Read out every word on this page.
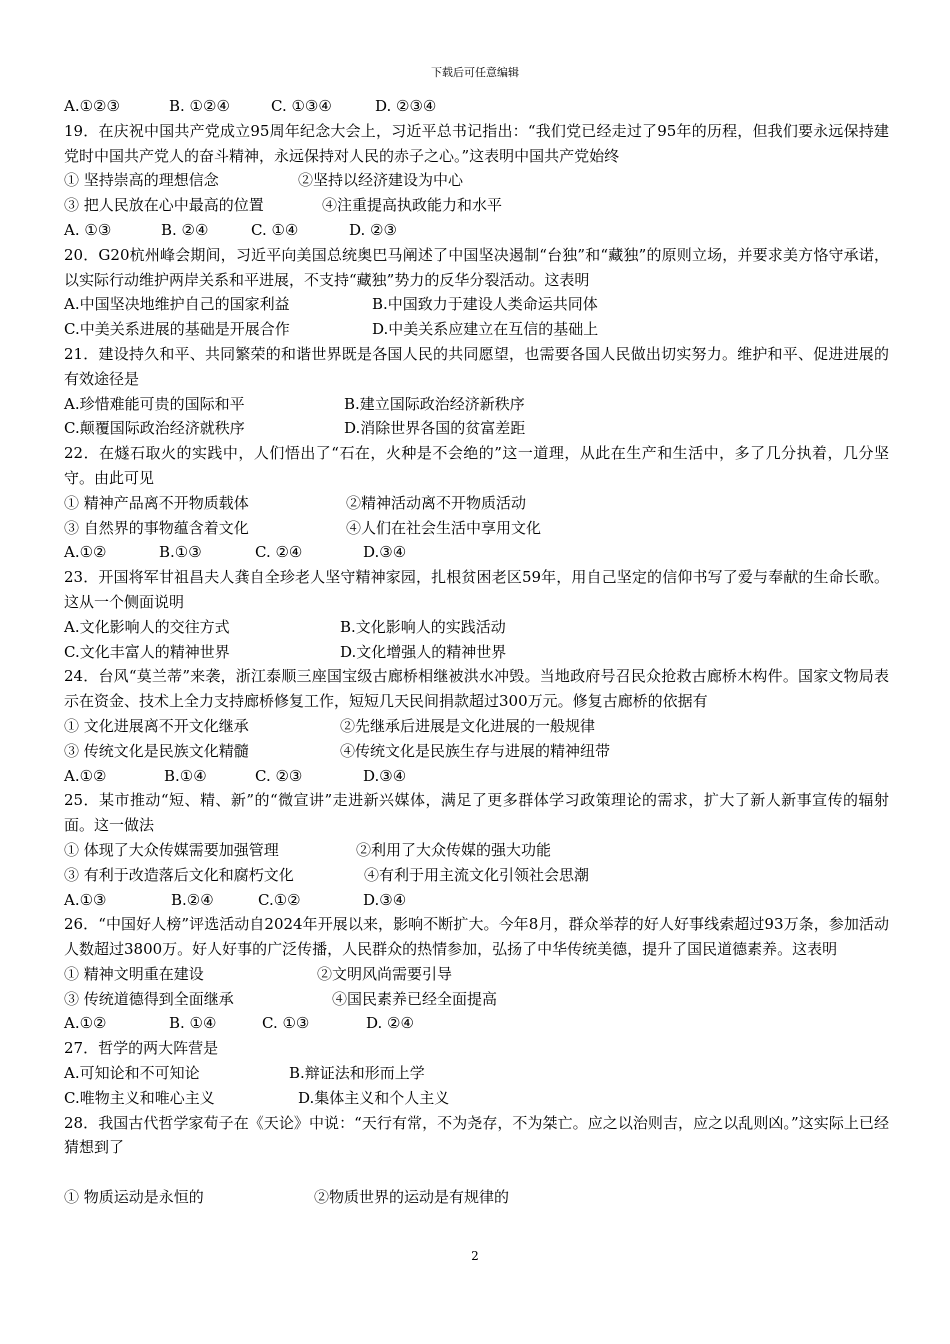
下载后可任意编辑
A.①②③	B. ①②④	C. ①③④	D. ②③④
19．在庆祝中国共产党成立95周年纪念大会上，习近平总书记指出：“我们党已经走过了95年的历程，但我们要永远保持建党时中国共产党人的奋斗精神，永远保持对人民的赤子之心。”这表明中国共产党始终
① 坚持崇高的理想信念	②坚持以经济建设为中心
③ 把人民放在心中最高的位置	④注重提高执政能力和水平
A. ①③	B. ②④	C. ①④	D. ②③
20．G20杭州峰会期间，习近平向美国总统奥巴马阐述了中国坚决遏制“台独”和“藏独”的原则立场，并要求美方恪守承诺，以实际行动维护两岸关系和平进展，不支持“藏独”势力的反华分裂活动。这表明
A.中国坚决地维护自己的国家利益	B.中国致力于建设人类命运共同体
C.中美关系进展的基础是开展合作	D.中美关系应建立在互信的基础上
21．建设持久和平、共同繁荣的和谐世界既是各国人民的共同愿望，也需要各国人民做出切实努力。维护和平、促进进展的有效途径是
A.珍惜难能可贵的国际和平	B.建立国际政治经济新秩序
C.颠覆国际政治经济就秩序	D.消除世界各国的贫富差距
22．在燧石取火的实践中，人们悟出了“石在，火种是不会绝的”这一道理，从此在生产和生活中，多了几分执着，几分坚守。由此可见
① 精神产品离不开物质载体	②精神活动离不开物质活动
③ 自然界的事物蕴含着文化	④人们在社会生活中享用文化
A.①②	B.①③	C. ②④	D.③④
23．开国将军甘祖昌夫人龚自全珍老人坚守精神家园，扎根贫困老区59年，用自己坚定的信仰书写了爱与奉献的生命长歌。这从一个侧面说明
A.文化影响人的交往方式	B.文化影响人的实践活动
C.文化丰富人的精神世界	D.文化增强人的精神世界
24．台风“莫兰蒂”来袭，浙江泰顺三座国宝级古廊桥相继被洪水冲毁。当地政府号召民众抢救古廊桥木构件。国家文物局表示在资金、技术上全力支持廊桥修复工作，短短几天民间捐款超过300万元。修复古廊桥的依据有
① 文化进展离不开文化继承	②先继承后进展是文化进展的一般规律
③ 传统文化是民族文化精髓	④传统文化是民族生存与进展的精神纽带
A.①②	B.①④	C. ②③	D.③④
25．某市推动“短、精、新”的“微宣讲”走进新兴媒体，满足了更多群体学习政策理论的需求，扩大了新人新事宣传的辐射面。这一做法
① 体现了大众传媒需要加强管理	②利用了大众传媒的强大功能
③ 有利于改造落后文化和腐朽文化	④有利于用主流文化引领社会思潮
A.①③	B.②④	C.①②	D.③④
26．“中国好人榜”评选活动自2024年开展以来，影响不断扩大。今年8月，群众举荐的好人好事线索超过93万条，参加活动人数超过3800万。好人好事的广泛传播，人民群众的热情参加，弘扬了中华传统美德，提升了国民道德素养。这表明
① 精神文明重在建设	②文明风尚需要引导
③ 传统道德得到全面继承	④国民素养已经全面提高
A.①②	B. ①④	C. ①③	D. ②④
27．哲学的两大阵营是
A.可知论和不可知论	B.辩证法和形而上学
C.唯物主义和唯心主义	D.集体主义和个人主义
28．我国古代哲学家荀子在《天论》中说：“天行有常，不为尧存，不为桀亡。应之以治则吉，应之以乱则凶。”这实际上已经猜想到了
① 物质运动是永恒的	②物质世界的运动是有规律的
2
